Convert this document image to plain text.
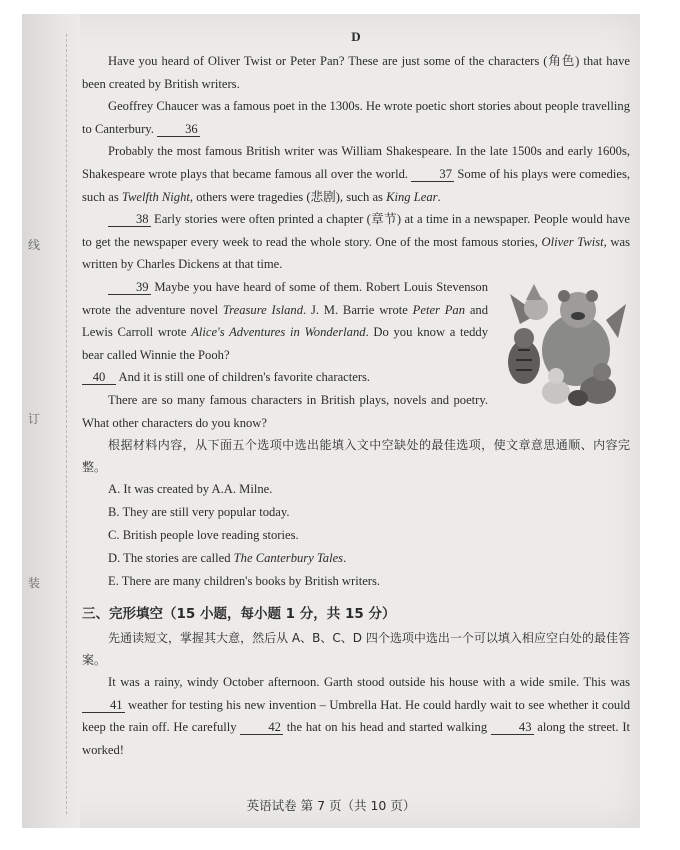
线
订
装
D

Have you heard of Oliver Twist or Peter Pan? These are just some of the characters (角色) that have been created by British writers.

Geoffrey Chaucer was a famous poet in the 1300s. He wrote poetic short stories about people travelling to Canterbury. 36

Probably the most famous British writer was William Shakespeare. In the late 1500s and early 1600s, Shakespeare wrote plays that became famous all over the world. 37 Some of his plays were comedies, such as Twelfth Night, others were tragedies (悲剧), such as King Lear.

38 Early stories were often printed a chapter (章节) at a time in a newspaper. People would have to get the newspaper every week to read the whole story. One of the most famous stories, Oliver Twist, was written by Charles Dickens at that time.

39 Maybe you have heard of some of them. Robert Louis Stevenson wrote the adventure novel Treasure Island. J. M. Barrie wrote Peter Pan and Lewis Carroll wrote Alice's Adventures in Wonderland. Do you know a teddy bear called Winnie the Pooh?

40 And it is still one of children's favorite characters.

There are so many famous characters in British plays, novels and poetry. What other characters do you know?

根据材料内容，从下面五个选项中选出能填入文中空缺处的最佳选项，使文章意思通顺、内容完整。

A. It was created by A.A. Milne.
B. They are still very popular today.
C. British people love reading stories.
D. The stories are called The Canterbury Tales.
E. There are many children's books by British writers.
三、完形填空（15 小题，每小题 1 分，共 15 分）

先通读短文，掌握其大意，然后从 A、B、C、D 四个选项中选出一个可以填入相应空白处的最佳答案。

It was a rainy, windy October afternoon. Garth stood outside his house with a wide smile. This was 41 weather for testing his new invention – Umbrella Hat. He could hardly wait to see whether it could keep the rain off. He carefully	42 the hat on his head and started walking	43 along the street. It worked!

英语试卷 第 7 页（共 10 页）
